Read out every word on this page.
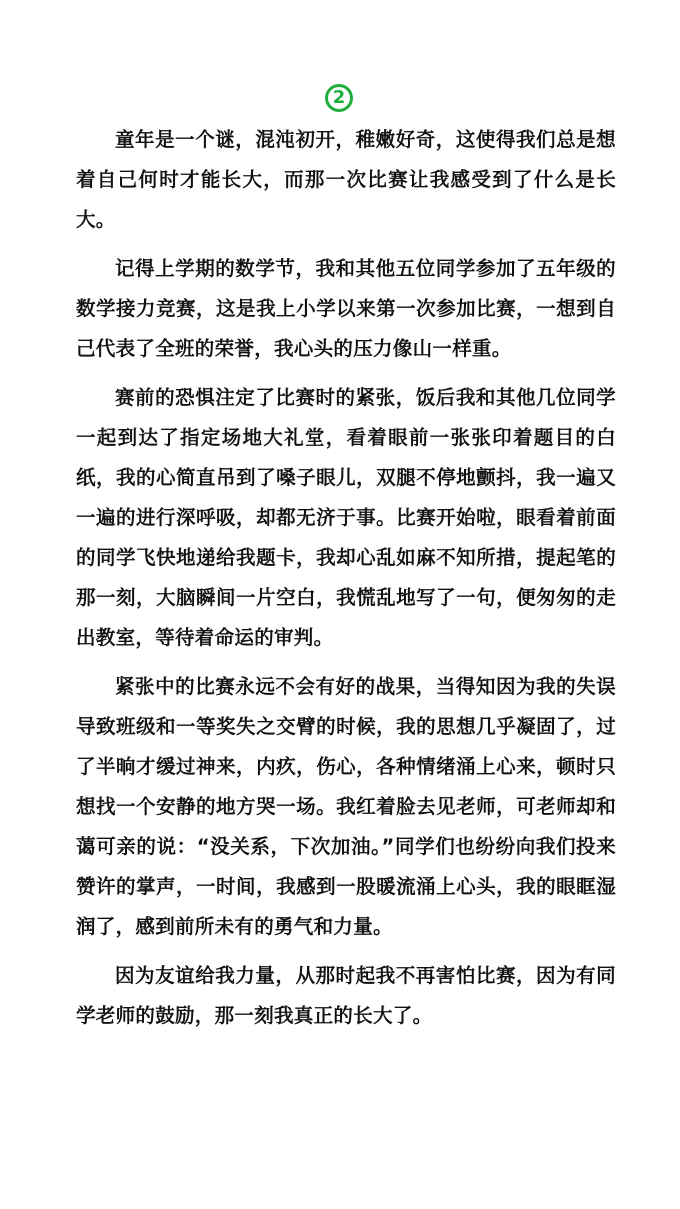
2

童年是一个谜，混沌初开，稚嫩好奇，这使得我们总是想着自己何时才能长大，而那一次比赛让我感受到了什么是长大。

记得上学期的数学节，我和其他五位同学参加了五年级的数学接力竞赛，这是我上小学以来第一次参加比赛，一想到自己代表了全班的荣誉，我心头的压力像山一样重。

赛前的恐惧注定了比赛时的紧张，饭后我和其他几位同学一起到达了指定场地大礼堂，看着眼前一张张印着题目的白纸，我的心简直吊到了嗓子眼儿，双腿不停地颤抖，我一遍又一遍的进行深呼吸，却都无济于事。比赛开始啦，眼看着前面的同学飞快地递给我题卡，我却心乱如麻不知所措，提起笔的那一刻，大脑瞬间一片空白，我慌乱地写了一句，便匆匆的走出教室，等待着命运的审判。

紧张中的比赛永远不会有好的战果，当得知因为我的失误导致班级和一等奖失之交臂的时候，我的思想几乎凝固了，过了半晌才缓过神来，内疚，伤心，各种情绪涌上心来，顿时只想找一个安静的地方哭一场。我红着脸去见老师，可老师却和蔼可亲的说：“没关系，下次加油。”同学们也纷纷向我们投来赞许的掌声，一时间，我感到一股暖流涌上心头，我的眼眶湿润了，感到前所未有的勇气和力量。

因为友谊给我力量，从那时起我不再害怕比赛，因为有同学老师的鼓励，那一刻我真正的长大了。
